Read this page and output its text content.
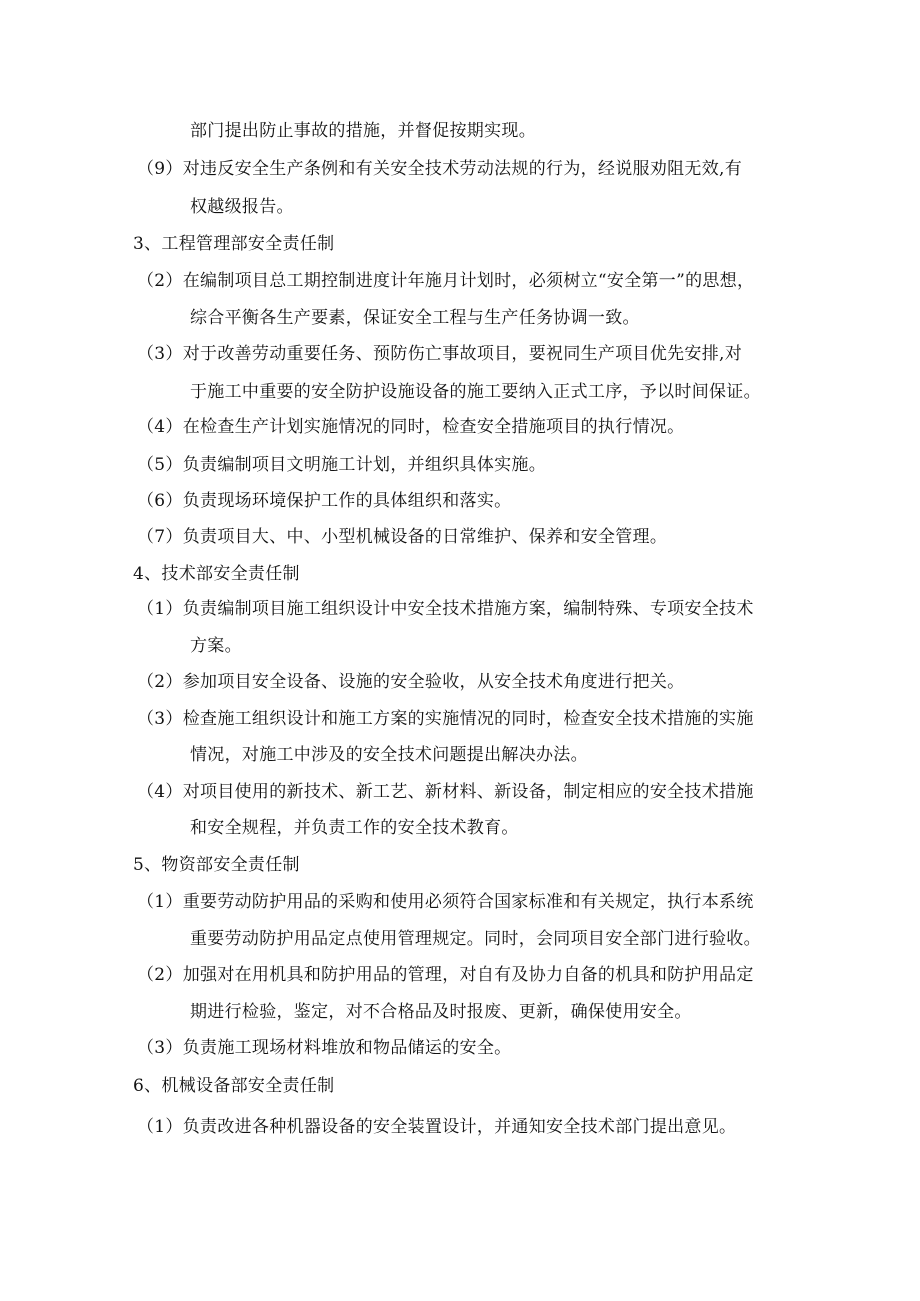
部门提出防止事故的措施，并督促按期实现。

（9）对违反安全生产条例和有关安全技术劳动法规的行为，经说服劝阻无效,有

权越级报告。

3、工程管理部安全责任制

（2）在编制项目总工期控制进度计年施月计划时，必须树立“安全第一”的思想，

综合平衡各生产要素，保证安全工程与生产任务协调一致。

（3）对于改善劳动重要任务、预防伤亡事故项目，要祝同生产项目优先安排,对

于施工中重要的安全防护设施设备的施工要纳入正式工序，予以时间保证。

（4）在检查生产计划实施情况的同时，检查安全措施项目的执行情况。

（5）负责编制项目文明施工计划，并组织具体实施。

（6）负责现场环境保护工作的具体组织和落实。

（7）负责项目大、中、小型机械设备的日常维护、保养和安全管理。

4、技术部安全责任制

（1）负责编制项目施工组织设计中安全技术措施方案，编制特殊、专项安全技术

方案。

（2）参加项目安全设备、设施的安全验收，从安全技术角度进行把关。

（3）检查施工组织设计和施工方案的实施情况的同时，检查安全技术措施的实施

情况，对施工中涉及的安全技术问题提出解决办法。

（4）对项目使用的新技术、新工艺、新材料、新设备，制定相应的安全技术措施

和安全规程，并负责工作的安全技术教育。

5、物资部安全责任制

（1）重要劳动防护用品的采购和使用必须符合国家标准和有关规定，执行本系统

重要劳动防护用品定点使用管理规定。同时，会同项目安全部门进行验收。

（2）加强对在用机具和防护用品的管理，对自有及协力自备的机具和防护用品定

期进行检验，鉴定，对不合格品及时报废、更新，确保使用安全。

（3）负责施工现场材料堆放和物品储运的安全。

6、机械设备部安全责任制

（1）负责改进各种机器设备的安全装置设计，并通知安全技术部门提出意见。
